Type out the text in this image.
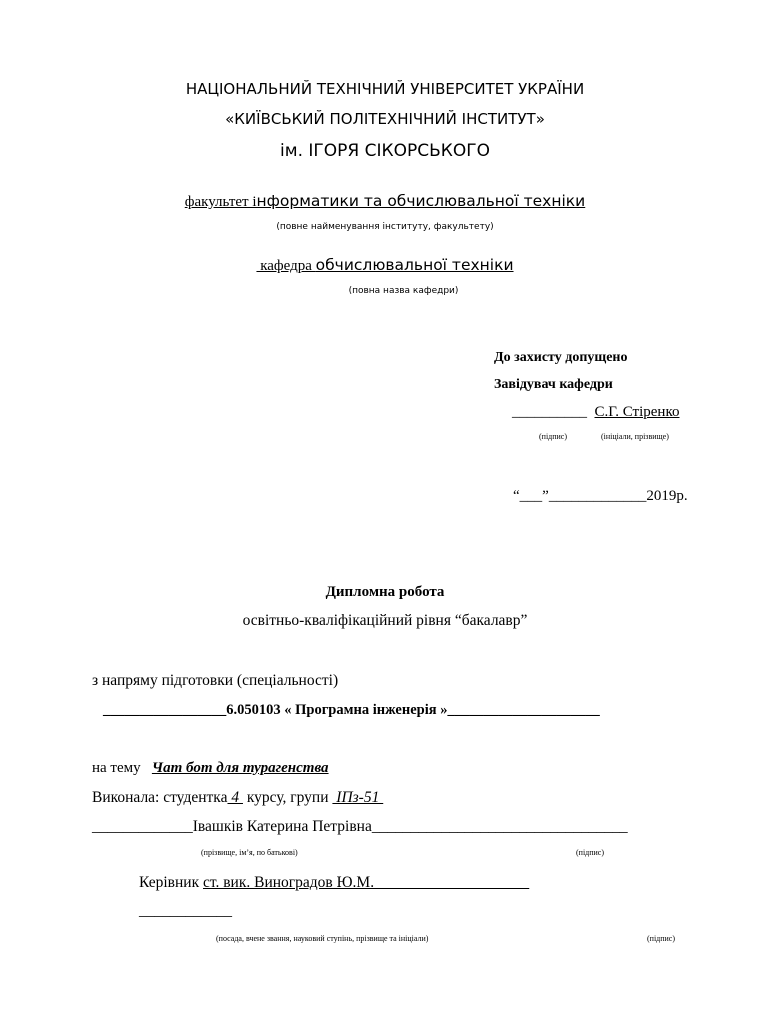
НАЦІОНАЛЬНИЙ ТЕХНІЧНИЙ УНІВЕРСИТЕТ УКРАЇНИ
«КИЇВСЬКИЙ ПОЛІТЕХНІЧНИЙ ІНСТИТУТ»
ім. ІГОРЯ СІКОРСЬКОГО
факультет інформатики та обчислювальної техніки
(повне найменування інституту, факультету)
кафедра обчислювальної техніки
(повна назва кафедри)
До захисту допущено
Завідувач кафедри
__________ С.Г. Стіренко
(підпис)	(ініціали, прізвище)
“___”_____________2019р.
Дипломна робота
освітньо-кваліфікаційний рівня “бакалавр”
з напряму підготовки (спеціальності)
_________________6.050103 « Програмна інженерія »_____________________
на тему   Чат бот для турагенства
Виконала: студентка 4  курсу, групи  ІПз-51
_____________Івашків Катерина Петрівна_________________________________
(прізвище, ім’я, по батькові)	(підпис)
Керівник ст. вик. Виноградов Ю.М.____________________
____________
(посада, вчене звання, науковий ступінь, прізвище та ініціали)	(підпис)
